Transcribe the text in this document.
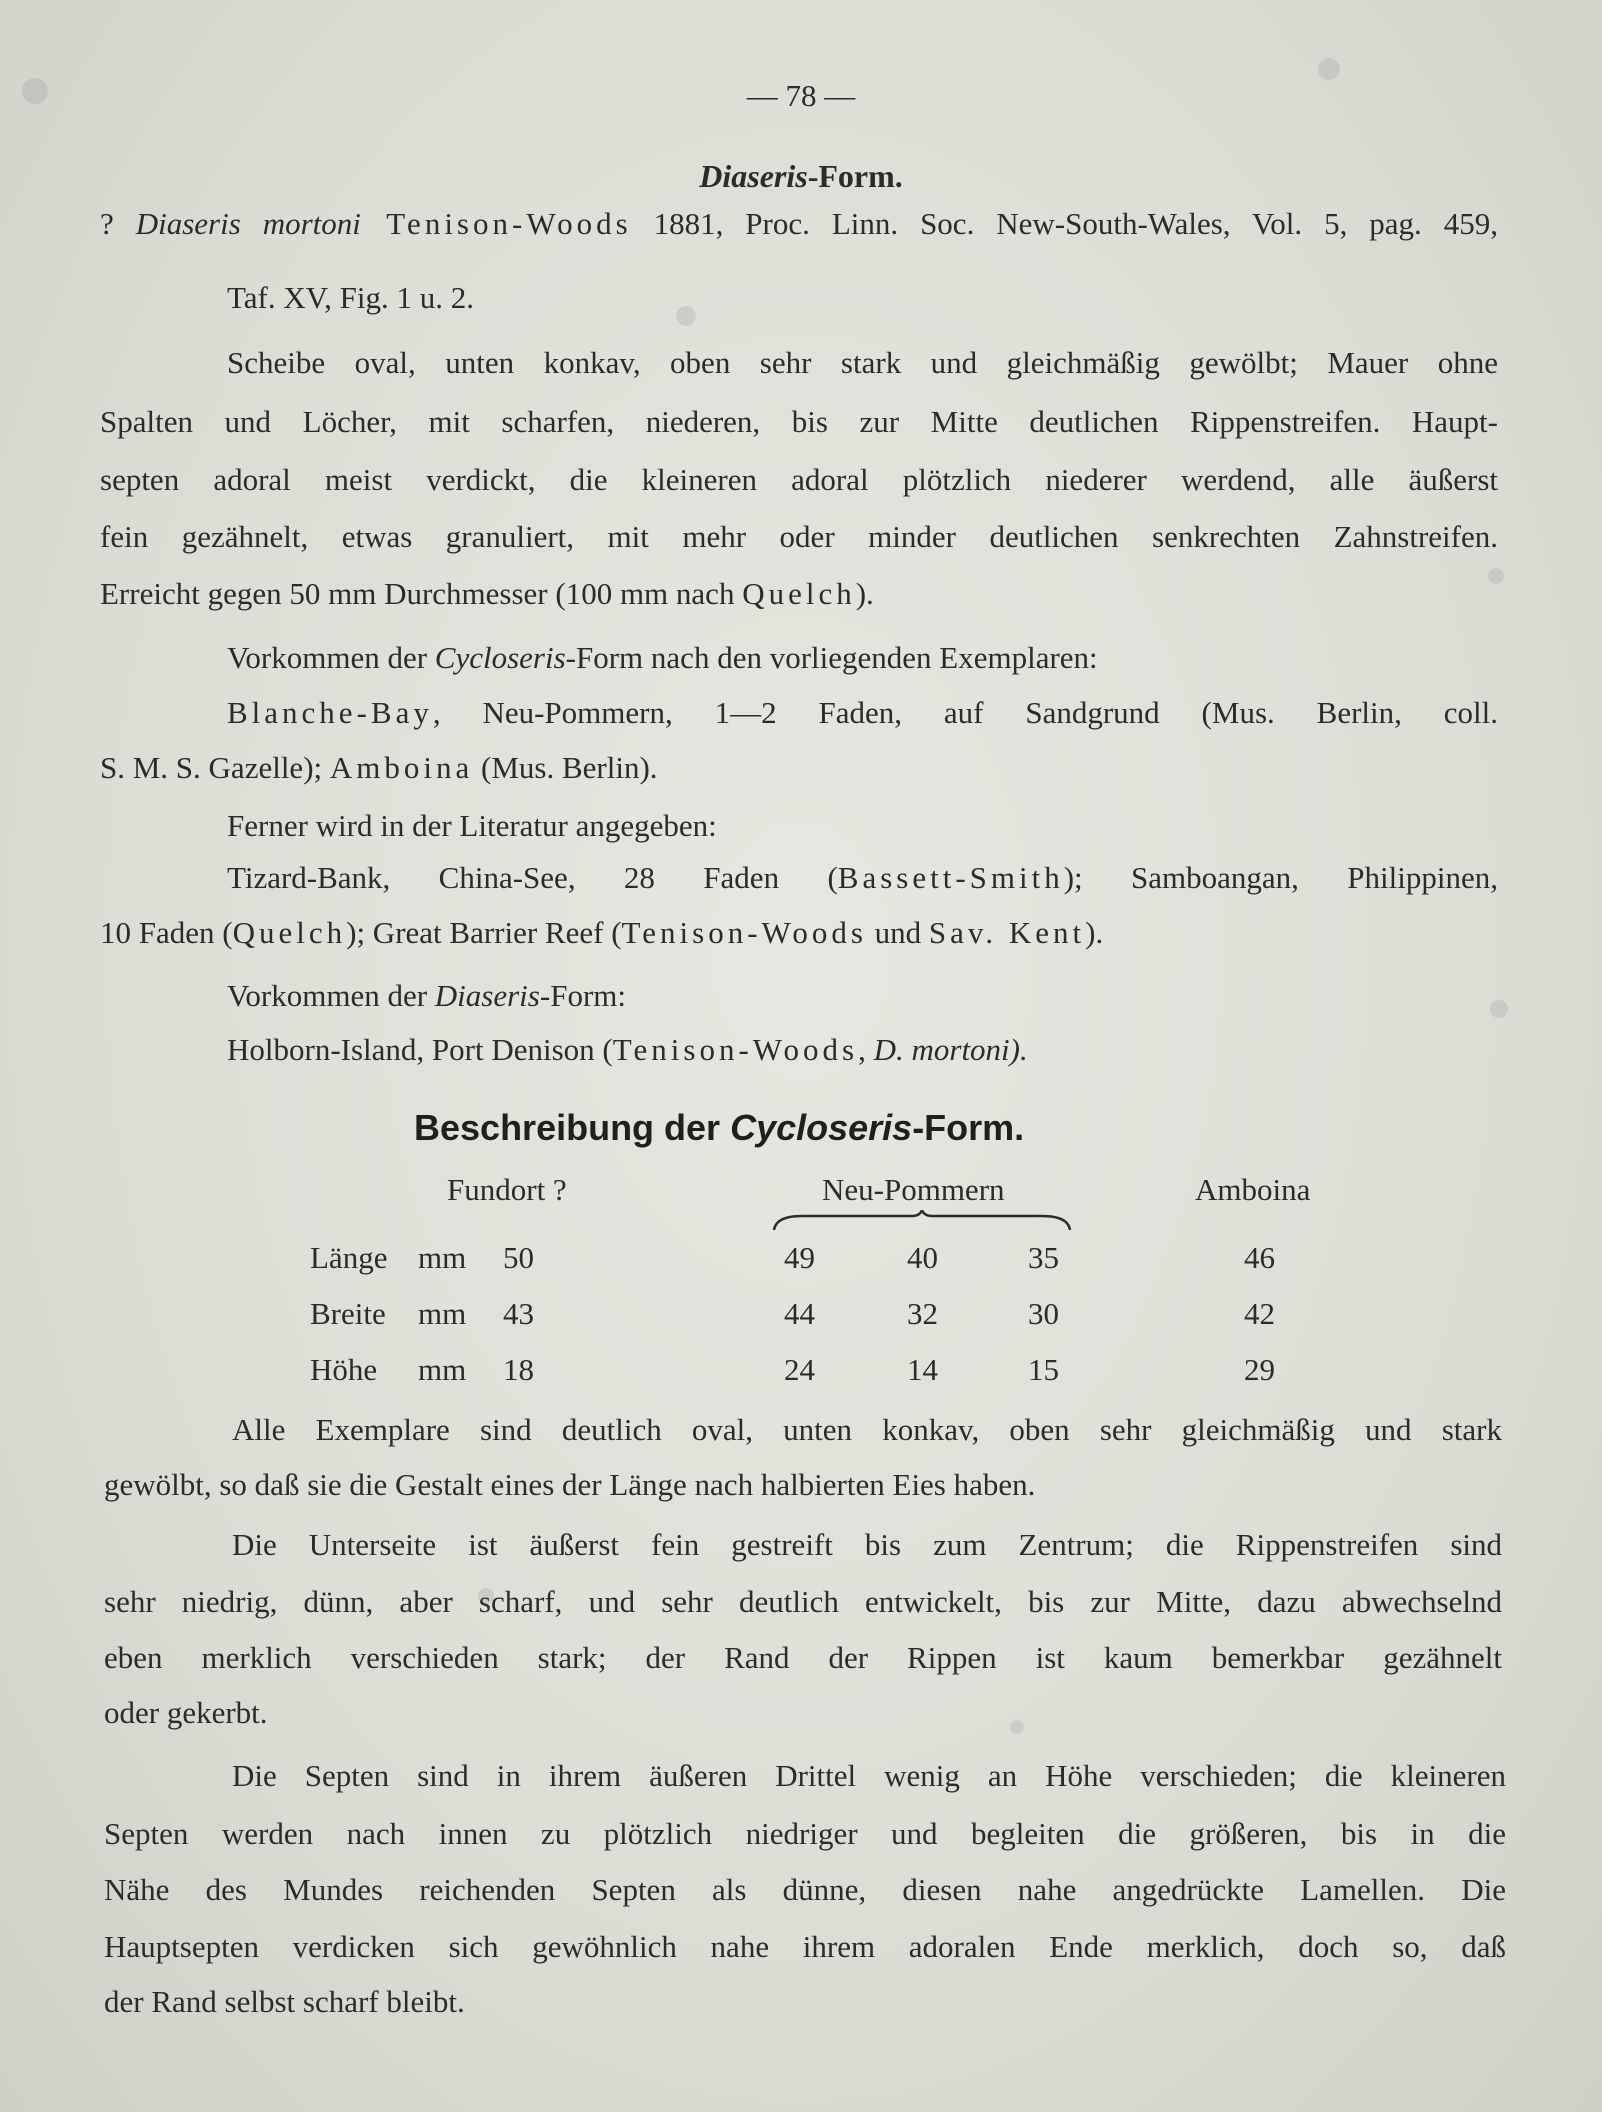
— 78 —
Diaseris-Form.
? Diaseris mortoni Tenison-Woods 1881, Proc. Linn. Soc. New-South-Wales, Vol. 5, pag. 459,
Taf. XV, Fig. 1 u. 2.
Scheibe oval, unten konkav, oben sehr stark und gleichmäßig gewölbt; Mauer ohne
Spalten und Löcher, mit scharfen, niederen, bis zur Mitte deutlichen Rippenstreifen. Haupt-
septen adoral meist verdickt, die kleineren adoral plötzlich niederer werdend, alle äußerst
fein gezähnelt, etwas granuliert, mit mehr oder minder deutlichen senkrechten Zahnstreifen.
Erreicht gegen 50 mm Durchmesser (100 mm nach Quelch).
Vorkommen der Cycloseris-Form nach den vorliegenden Exemplaren:
Blanche-Bay, Neu-Pommern, 1—2 Faden, auf Sandgrund (Mus. Berlin, coll.
S. M. S. Gazelle); Amboina (Mus. Berlin).
Ferner wird in der Literatur angegeben:
Tizard-Bank, China-See, 28 Faden (Bassett-Smith); Samboangan, Philippinen,
10 Faden (Quelch); Great Barrier Reef (Tenison-Woods und Sav. Kent).
Vorkommen der Diaseris-Form:
Holborn-Island, Port Denison (Tenison-Woods, D. mortoni).
Beschreibung der Cycloseris-Form.
Fundort ?	Neu-Pommern	Amboina
Länge mm 50	49	40	35	46
Breite mm 43	44	32	30	42
Höhe mm 18	24	14	15	29
Alle Exemplare sind deutlich oval, unten konkav, oben sehr gleichmäßig und stark
gewölbt, so daß sie die Gestalt eines der Länge nach halbierten Eies haben.
Die Unterseite ist äußerst fein gestreift bis zum Zentrum; die Rippenstreifen sind
sehr niedrig, dünn, aber scharf, und sehr deutlich entwickelt, bis zur Mitte, dazu abwechselnd
eben merklich verschieden stark; der Rand der Rippen ist kaum bemerkbar gezähnelt
oder gekerbt.
Die Septen sind in ihrem äußeren Drittel wenig an Höhe verschieden; die kleineren
Septen werden nach innen zu plötzlich niedriger und begleiten die größeren, bis in die
Nähe des Mundes reichenden Septen als dünne, diesen nahe angedrückte Lamellen. Die
Hauptsepten verdicken sich gewöhnlich nahe ihrem adoralen Ende merklich, doch so, daß
der Rand selbst scharf bleibt.
